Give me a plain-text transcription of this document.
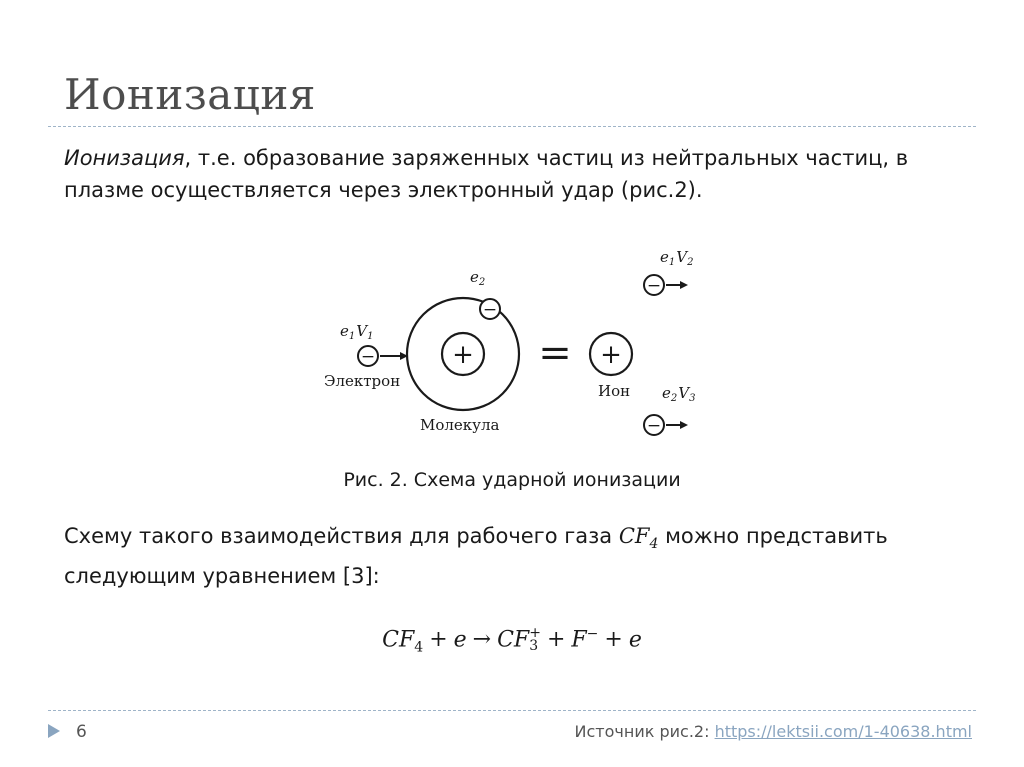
Ионизация
Ионизация, т.е. образование заряженных частиц из нейтральных частиц, в плазме осуществляется через электронный удар (рис.2).
$e_1V_1$
−
Электрон
+
$e_2$
−
Молекула
= +
Ион
$e_1V_2$
−
$e_2V_3$
−
Рис. 2. Схема ударной ионизации
Схему такого взаимодействия для рабочего газа $CF_4$ можно представить следующим уравнением [3]:
$CF_4 + e$ → CF +
3 + F− + e
6	Источник рис.2: https://lektsii.com/1-40638.html
